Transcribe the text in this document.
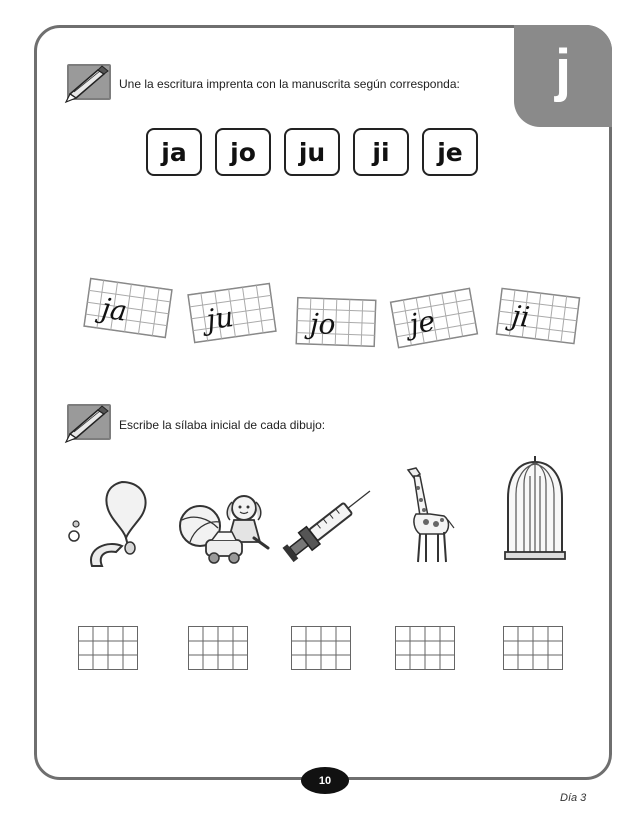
j
Une la escritura imprenta con la manuscrita según corresponda:
ja	jo	ju	ji	je
ja	ju	jo	je	ji
Escribe la sílaba inicial de cada dibujo:
10
Día 3
